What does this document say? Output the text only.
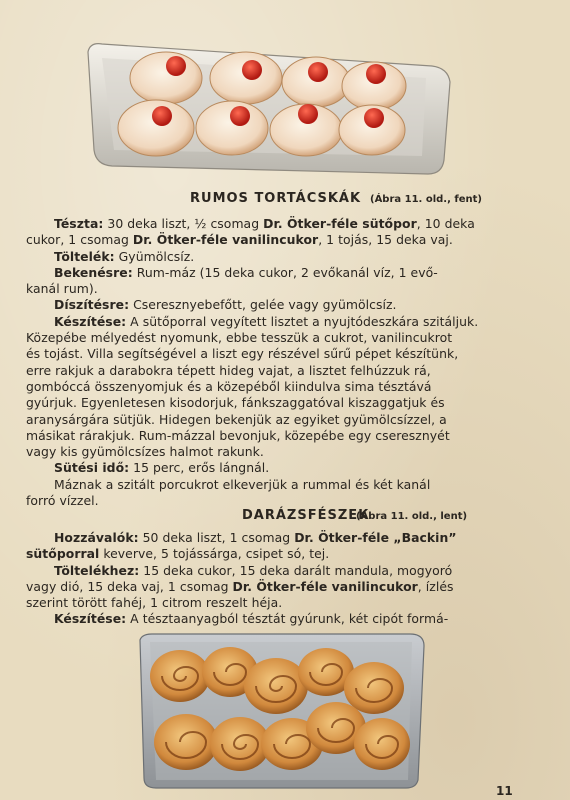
RUMOS TORTÁCSKÁK (Ábra 11. old., fent)
Tészta: 30 deka liszt, ½ csomag Dr. Ötker-féle sütőpor, 10 deka
cukor, 1 csomag Dr. Ötker-féle vanilincukor, 1 tojás, 15 deka vaj.
Töltelék: Gyümölcsíz.
Bekenésre: Rum-máz (15 deka cukor, 2 evőkanál víz, 1 evő-
kanál rum).
Díszítésre: Cseresznyebefőtt, gelée vagy gyümölcsíz.
Készítése: A sütőporral vegyített lisztet a nyujtódeszkára szitáljuk.
Közepébe mélyedést nyomunk, ebbe tesszük a cukrot, vanilincukrot
és tojást. Villa segítségével a liszt egy részével sűrű pépet készítünk,
erre rakjuk a darabokra tépett hideg vajat, a lisztet felhúzzuk rá,
gombóccá összenyomjuk és a közepéből kiindulva sima tésztává
gyúrjuk. Egyenletesen kisodorjuk, fánkszaggatóval kiszaggatjuk és
aranysárgára sütjük. Hidegen bekenjük az egyiket gyümölcsízzel, a
másikat rárakjuk. Rum-mázzal bevonjuk, közepébe egy cseresznyét
vagy kis gyümölcsízes halmot rakunk.
Sütési idő: 15 perc, erős lángnál.
Máznak a szitált porcukrot elkeverjük a rummal és két kanál
forró vízzel.
DARÁZSFÉSZEK
(Ábra 11. old., lent)
Hozzávalók: 50 deka liszt, 1 csomag Dr. Ötker-féle „Backin”
sütőporral keverve, 5 tojássárga, csipet só, tej.
Töltelékhez: 15 deka cukor, 15 deka darált mandula, mogyoró
vagy dió, 15 deka vaj, 1 csomag Dr. Ötker-féle vanilincukor, ízlés
szerint törött fahéj, 1 citrom reszelt héja.
Készítése: A tésztaanyagból tésztát gyúrunk, két cipót formá-
11
